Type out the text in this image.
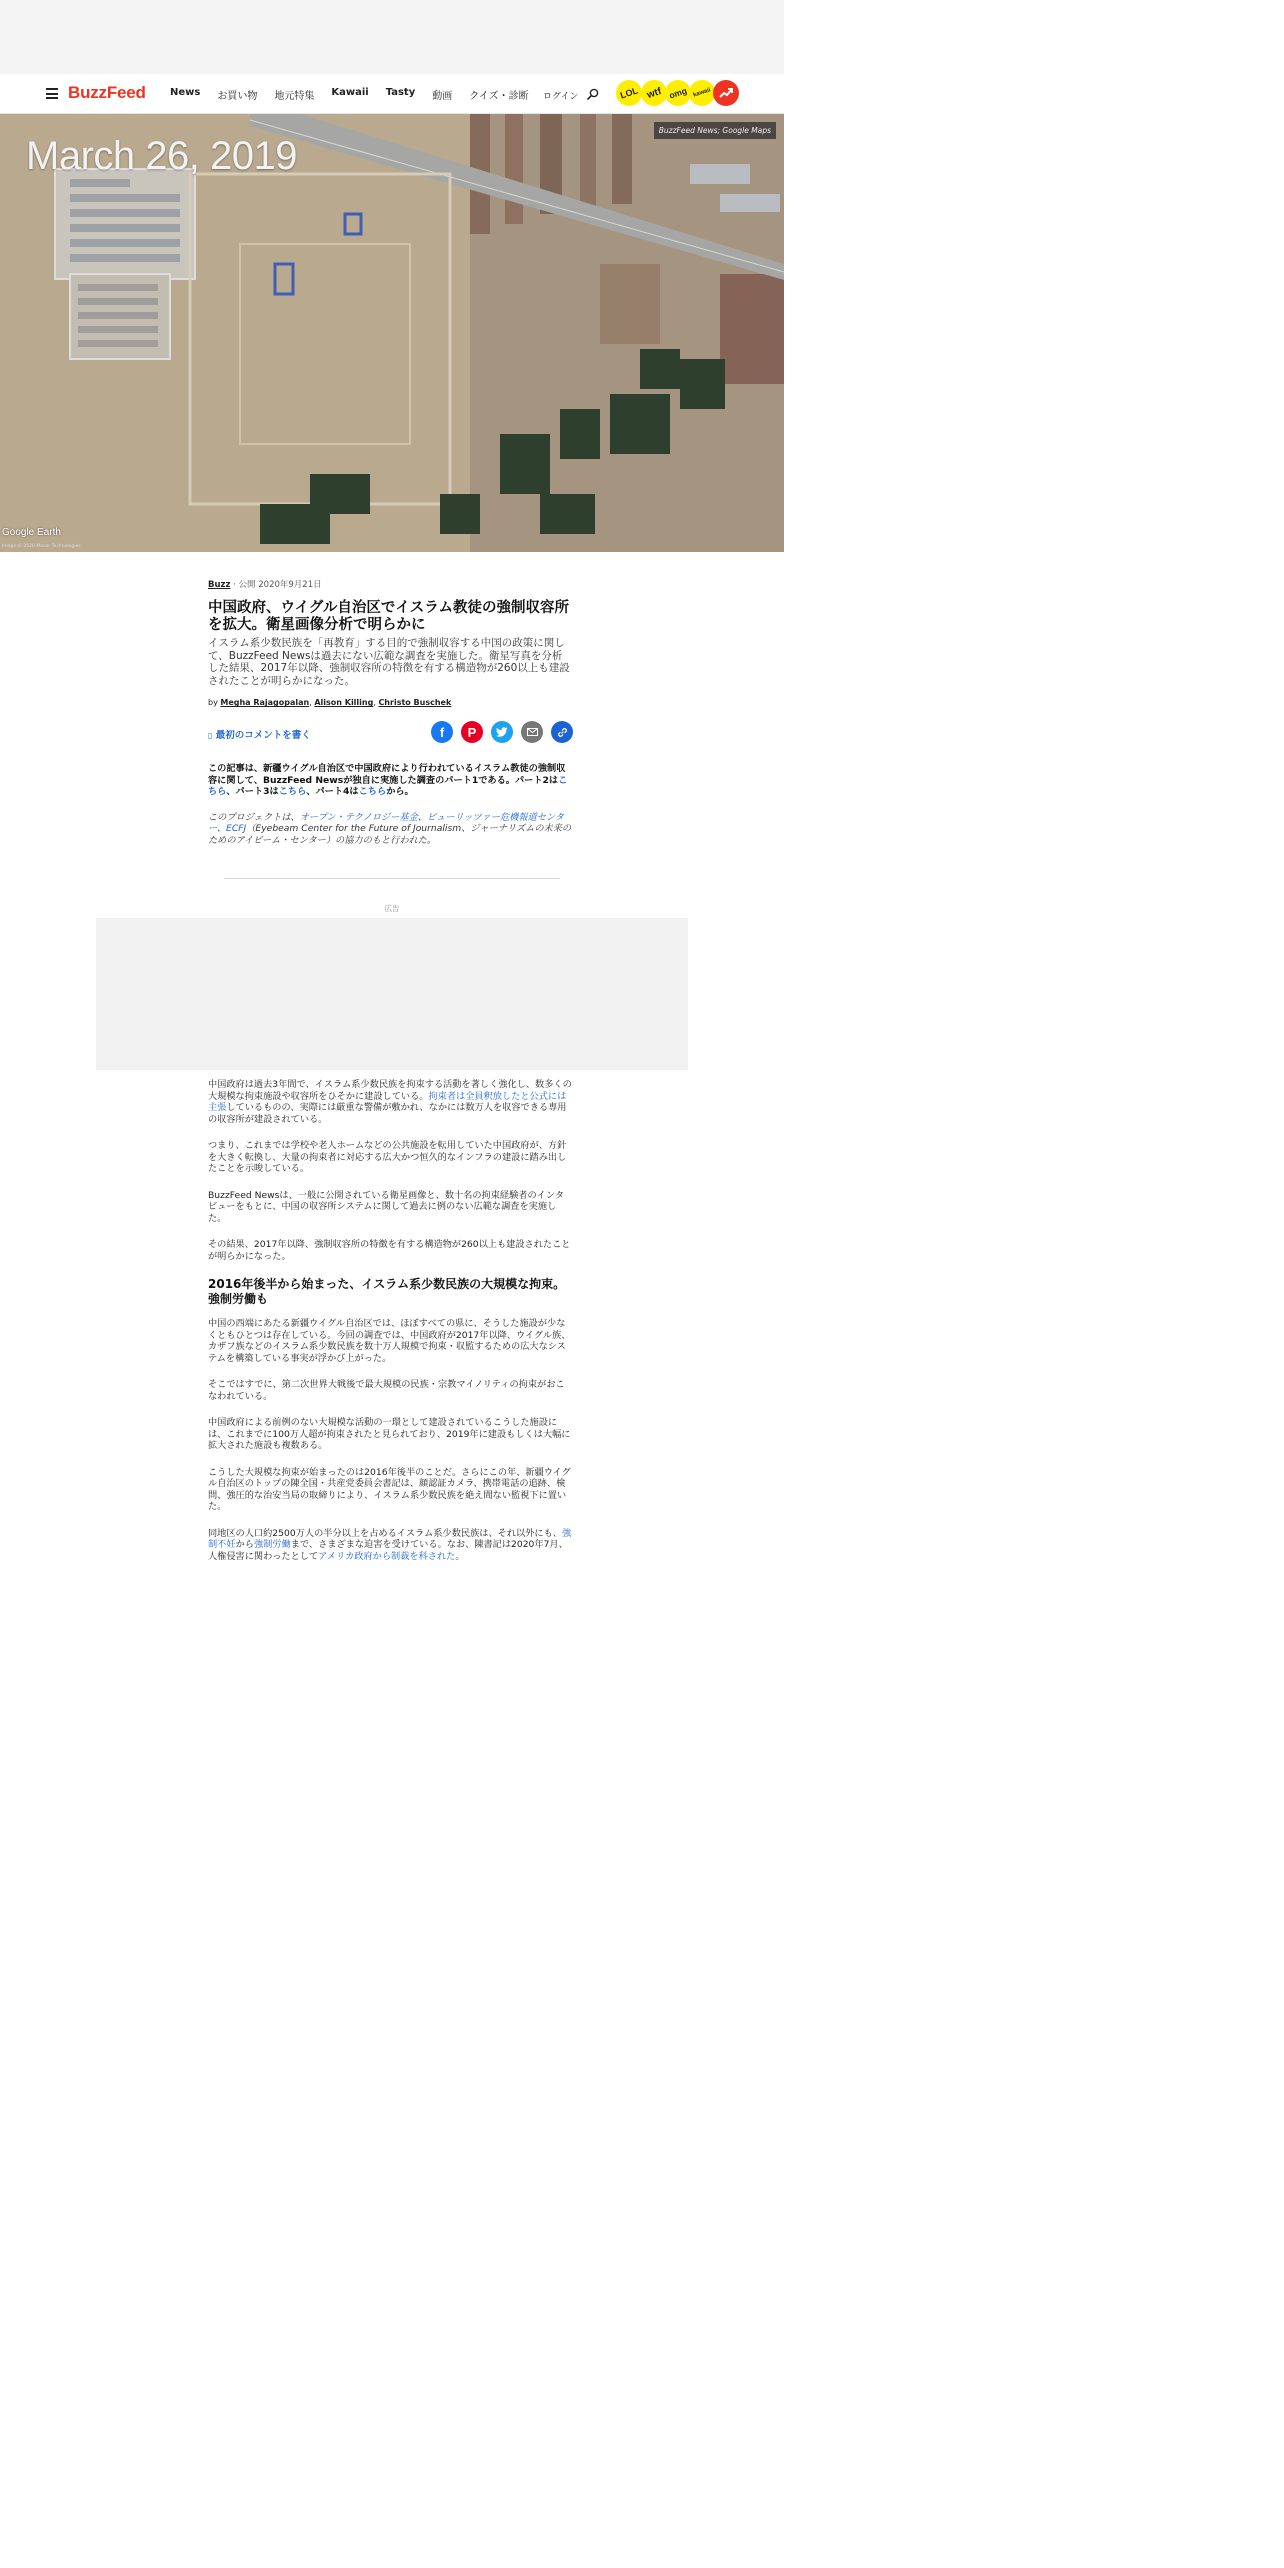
BuzzFeed News お買い物 地元特集 Kawaii Tasty 動画 クイズ・診断 ログイン	LOL wtf omg kawaii
March 26, 2019
BuzzFeed News; Google Maps
Google Earth
Image © 2020 Maxar Technologies
Buzz · 公開 2020年9月21日
中国政府、ウイグル自治区でイスラム教徒の強制収容所を拡大。衛星画像分析で明らかに

イスラム系少数民族を「再教育」する目的で強制収容する中国の政策に関して、BuzzFeed Newsは過去にない広範な調査を実施した。衛星写真を分析した結果、2017年以降、強制収容所の特徴を有する構造物が260以上も建設されたことが明らかになった。

by Megha Rajagopalan, Alison Killing, Christo Buschek
▯ 最初のコメントを書く	f P

この記事は、新疆ウイグル自治区で中国政府により行われているイスラム教徒の強制収容に関して、BuzzFeed Newsが独自に実施した調査のパート1である。パート2はこちら、パート3はこちら、パート4はこちらから。

このプロジェクトは、オープン・テクノロジー基金、ピューリッツァー危機報道センター、ECFJ（Eyebeam Center for the Future of Journalism、ジャーナリズムの未来のためのアイビーム・センター）の協力のもと行われた。

広告

中国政府は過去3年間で、イスラム系少数民族を拘束する活動を著しく強化し、数多くの大規模な拘束施設や収容所をひそかに建設している。拘束者は全員釈放したと公式には主張しているものの、実際には厳重な警備が敷かれ、なかには数万人を収容できる専用の収容所が建設されている。

つまり、これまでは学校や老人ホームなどの公共施設を転用していた中国政府が、方針を大きく転換し、大量の拘束者に対応する広大かつ恒久的なインフラの建設に踏み出したことを示唆している。

BuzzFeed Newsは、一般に公開されている衛星画像と、数十名の拘束経験者のインタビューをもとに、中国の収容所システムに関して過去に例のない広範な調査を実施した。

その結果、2017年以降、強制収容所の特徴を有する構造物が260以上も建設されたことが明らかになった。

2016年後半から始まった、イスラム系少数民族の大規模な拘束。強制労働も

中国の西端にあたる新疆ウイグル自治区では、ほぼすべての県に、そうした施設が少なくともひとつは存在している。今回の調査では、中国政府が2017年以降、ウイグル族、カザフ族などのイスラム系少数民族を数十万人規模で拘束・収監するための広大なシステムを構築している事実が浮かび上がった。

そこではすでに、第二次世界大戦後で最大規模の民族・宗教マイノリティの拘束がおこなわれている。

中国政府による前例のない大規模な活動の一環として建設されているこうした施設には、これまでに100万人超が拘束されたと見られており、2019年に建設もしくは大幅に拡大された施設も複数ある。

こうした大規模な拘束が始まったのは2016年後半のことだ。さらにこの年、新疆ウイグル自治区のトップの陳全国・共産党委員会書記は、顔認証カメラ、携帯電話の追跡、検問、強圧的な治安当局の取締りにより、イスラム系少数民族を絶え間ない監視下に置いた。

同地区の人口約2500万人の半分以上を占めるイスラム系少数民族は、それ以外にも、強制不妊から強制労働まで、さまざまな迫害を受けている。なお、陳書記は2020年7月、人権侵害に関わったとしてアメリカ政府から制裁を科された。
